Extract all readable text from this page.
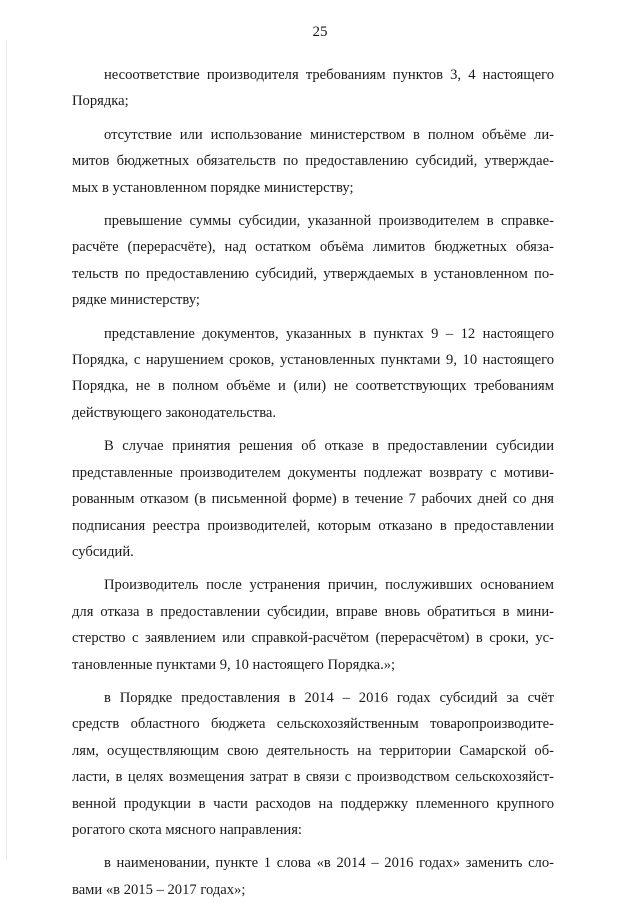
25

несоответствие производителя требованиям пунктов 3, 4 настоящего
Порядка;

отсутствие или использование министерством в полном объёме ли-
митов бюджетных обязательств по предоставлению субсидий, утверждае-
мых в установленном порядке министерству;

превышение суммы субсидии, указанной производителем в справке-
расчёте (перерасчёте), над остатком объёма лимитов бюджетных обяза-
тельств по предоставлению субсидий, утверждаемых в установленном по-
рядке министерству;

представление документов, указанных в пунктах 9 – 12 настоящего
Порядка, с нарушением сроков, установленных пунктами 9, 10 настоящего
Порядка, не в полном объёме и (или) не соответствующих требованиям
действующего законодательства.

В случае принятия решения об отказе в предоставлении субсидии
представленные производителем документы подлежат возврату с мотиви-
рованным отказом (в письменной форме) в течение 7 рабочих дней со дня
подписания реестра производителей, которым отказано в предоставлении
субсидий.

Производитель после устранения причин, послуживших основанием
для отказа в предоставлении субсидии, вправе вновь обратиться в мини-
стерство с заявлением или справкой-расчётом (перерасчётом) в сроки, ус-
тановленные пунктами 9, 10 настоящего Порядка.»;

в Порядке предоставления в 2014 – 2016 годах субсидий за счёт
средств областного бюджета сельскохозяйственным товаропроизводите-
лям, осуществляющим свою деятельность на территории Самарской об-
ласти, в целях возмещения затрат в связи с производством сельскохозяйст-
венной продукции в части расходов на поддержку племенного крупного
рогатого скота мясного направления:

в наименовании, пункте 1 слова «в 2014 – 2016 годах» заменить сло-
вами «в 2015 – 2017 годах»;
